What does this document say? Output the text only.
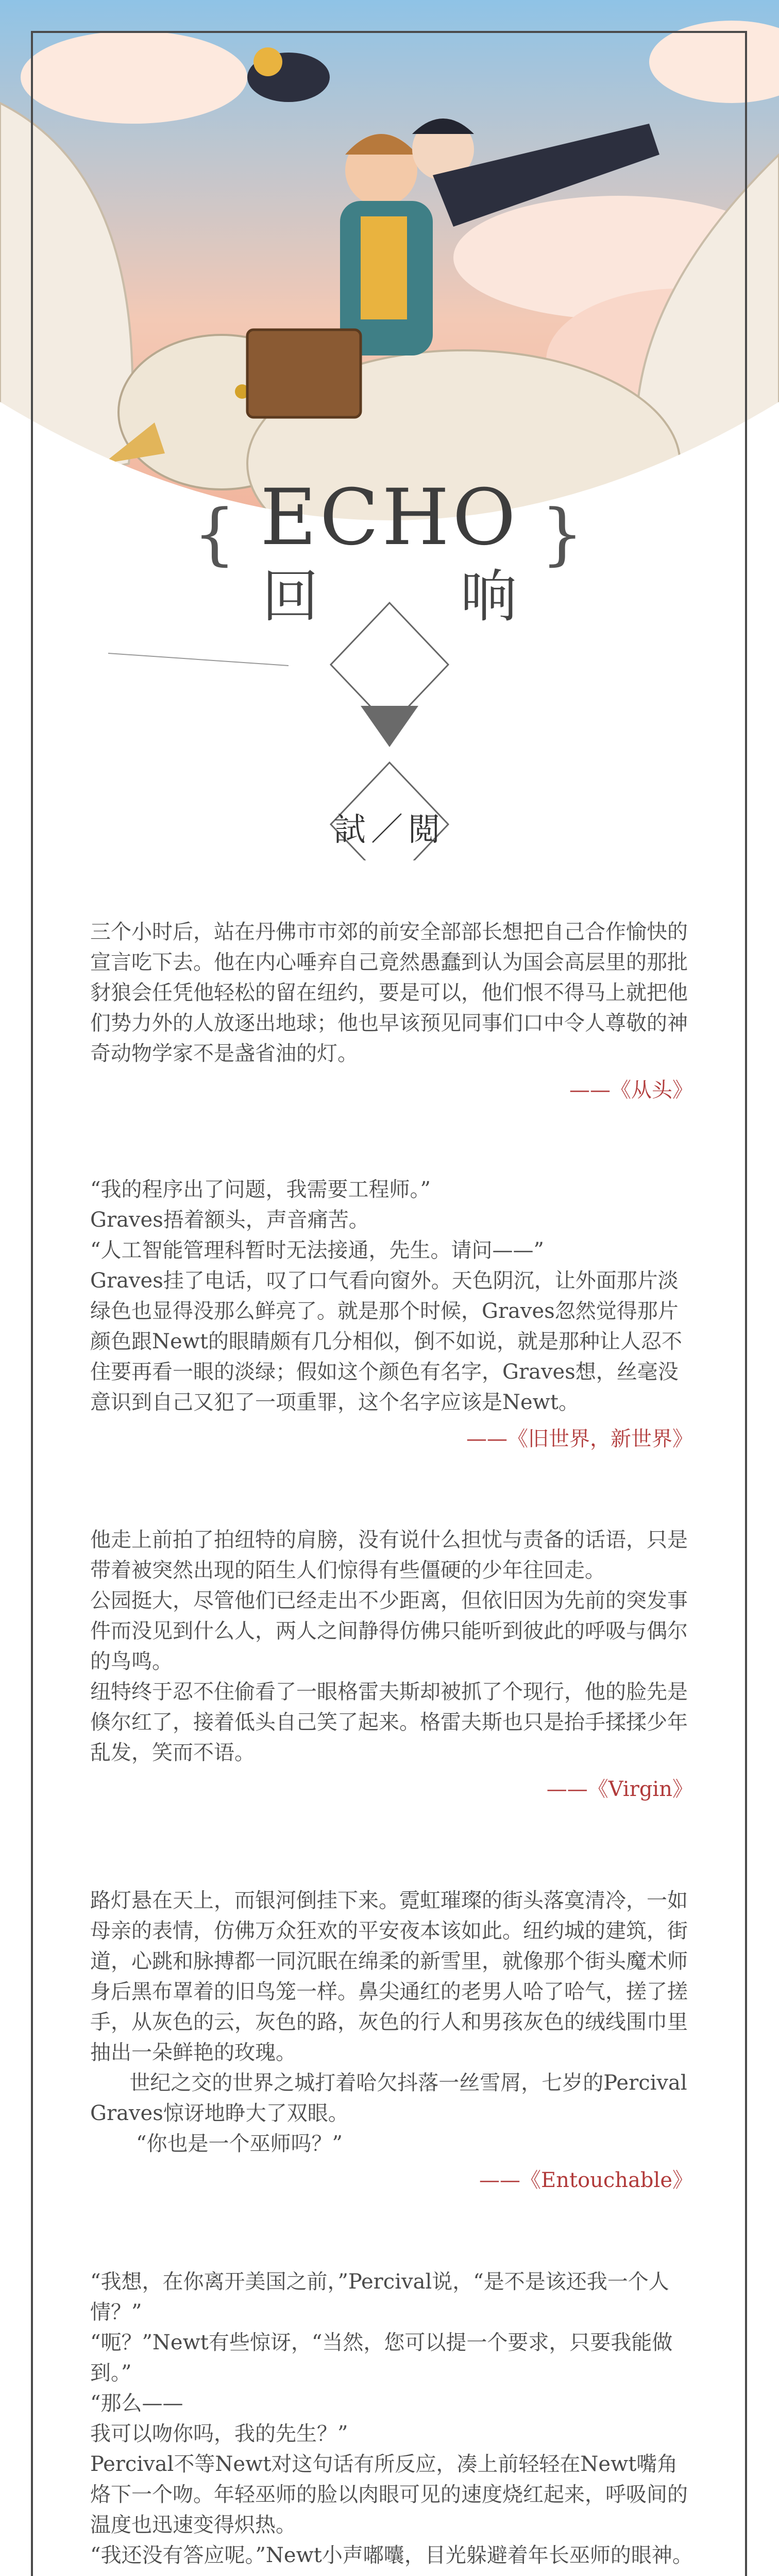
{	}
ECHO
回 响
試／閲

三个小时后，站在丹佛市市郊的前安全部部长想把自己合作愉快的宣言吃下去。他在内心唾弃自己竟然愚蠢到认为国会高层里的那批豺狼会任凭他轻松的留在纽约，要是可以，他们恨不得马上就把他们势力外的人放逐出地球；他也早该预见同事们口中令人尊敬的神奇动物学家不是盏省油的灯。

——《从头》

“我的程序出了问题，我需要工程师。”

Graves捂着额头，声音痛苦。

“人工智能管理科暂时无法接通，先生。请问——”

Graves挂了电话，叹了口气看向窗外。天色阴沉，让外面那片淡绿色也显得没那么鲜亮了。就是那个时候，Graves忽然觉得那片颜色跟Newt的眼睛颇有几分相似，倒不如说，就是那种让人忍不住要再看一眼的淡绿；假如这个颜色有名字，Graves想，丝毫没意识到自己又犯了一项重罪，这个名字应该是Newt。

——《旧世界，新世界》

他走上前拍了拍纽特的肩膀，没有说什么担忧与责备的话语，只是带着被突然出现的陌生人们惊得有些僵硬的少年往回走。

公园挺大，尽管他们已经走出不少距离，但依旧因为先前的突发事件而没见到什么人，两人之间静得仿佛只能听到彼此的呼吸与偶尔的鸟鸣。

纽特终于忍不住偷看了一眼格雷夫斯却被抓了个现行，他的脸先是倏尔红了，接着低头自己笑了起来。格雷夫斯也只是抬手揉揉少年乱发，笑而不语。

——《Virgin》

路灯悬在天上，而银河倒挂下来。霓虹璀璨的街头落寞清冷，一如母亲的表情，仿佛万众狂欢的平安夜本该如此。纽约城的建筑，街道，心跳和脉搏都一同沉眠在绵柔的新雪里，就像那个街头魔术师身后黑布罩着的旧鸟笼一样。鼻尖通红的老男人哈了哈气，搓了搓手，从灰色的云，灰色的路，灰色的行人和男孩灰色的绒线围巾里抽出一朵鲜艳的玫瑰。

世纪之交的世界之城打着哈欠抖落一丝雪屑，七岁的Percival Graves惊讶地睁大了双眼。

“你也是一个巫师吗？”

——《Entouchable》

“我想，在你离开美国之前，”Percival说，“是不是该还我一个人情？”

“呃？”Newt有些惊讶，“当然，您可以提一个要求，只要我能做到。”

“那么——

我可以吻你吗，我的先生？”

Percival不等Newt对这句话有所反应，凑上前轻轻在Newt嘴角烙下一个吻。年轻巫师的脸以肉眼可见的速度烧红起来，呼吸间的温度也迅速变得炽热。

“我还没有答应呢。”Newt小声嘟囔，目光躲避着年长巫师的眼神。
